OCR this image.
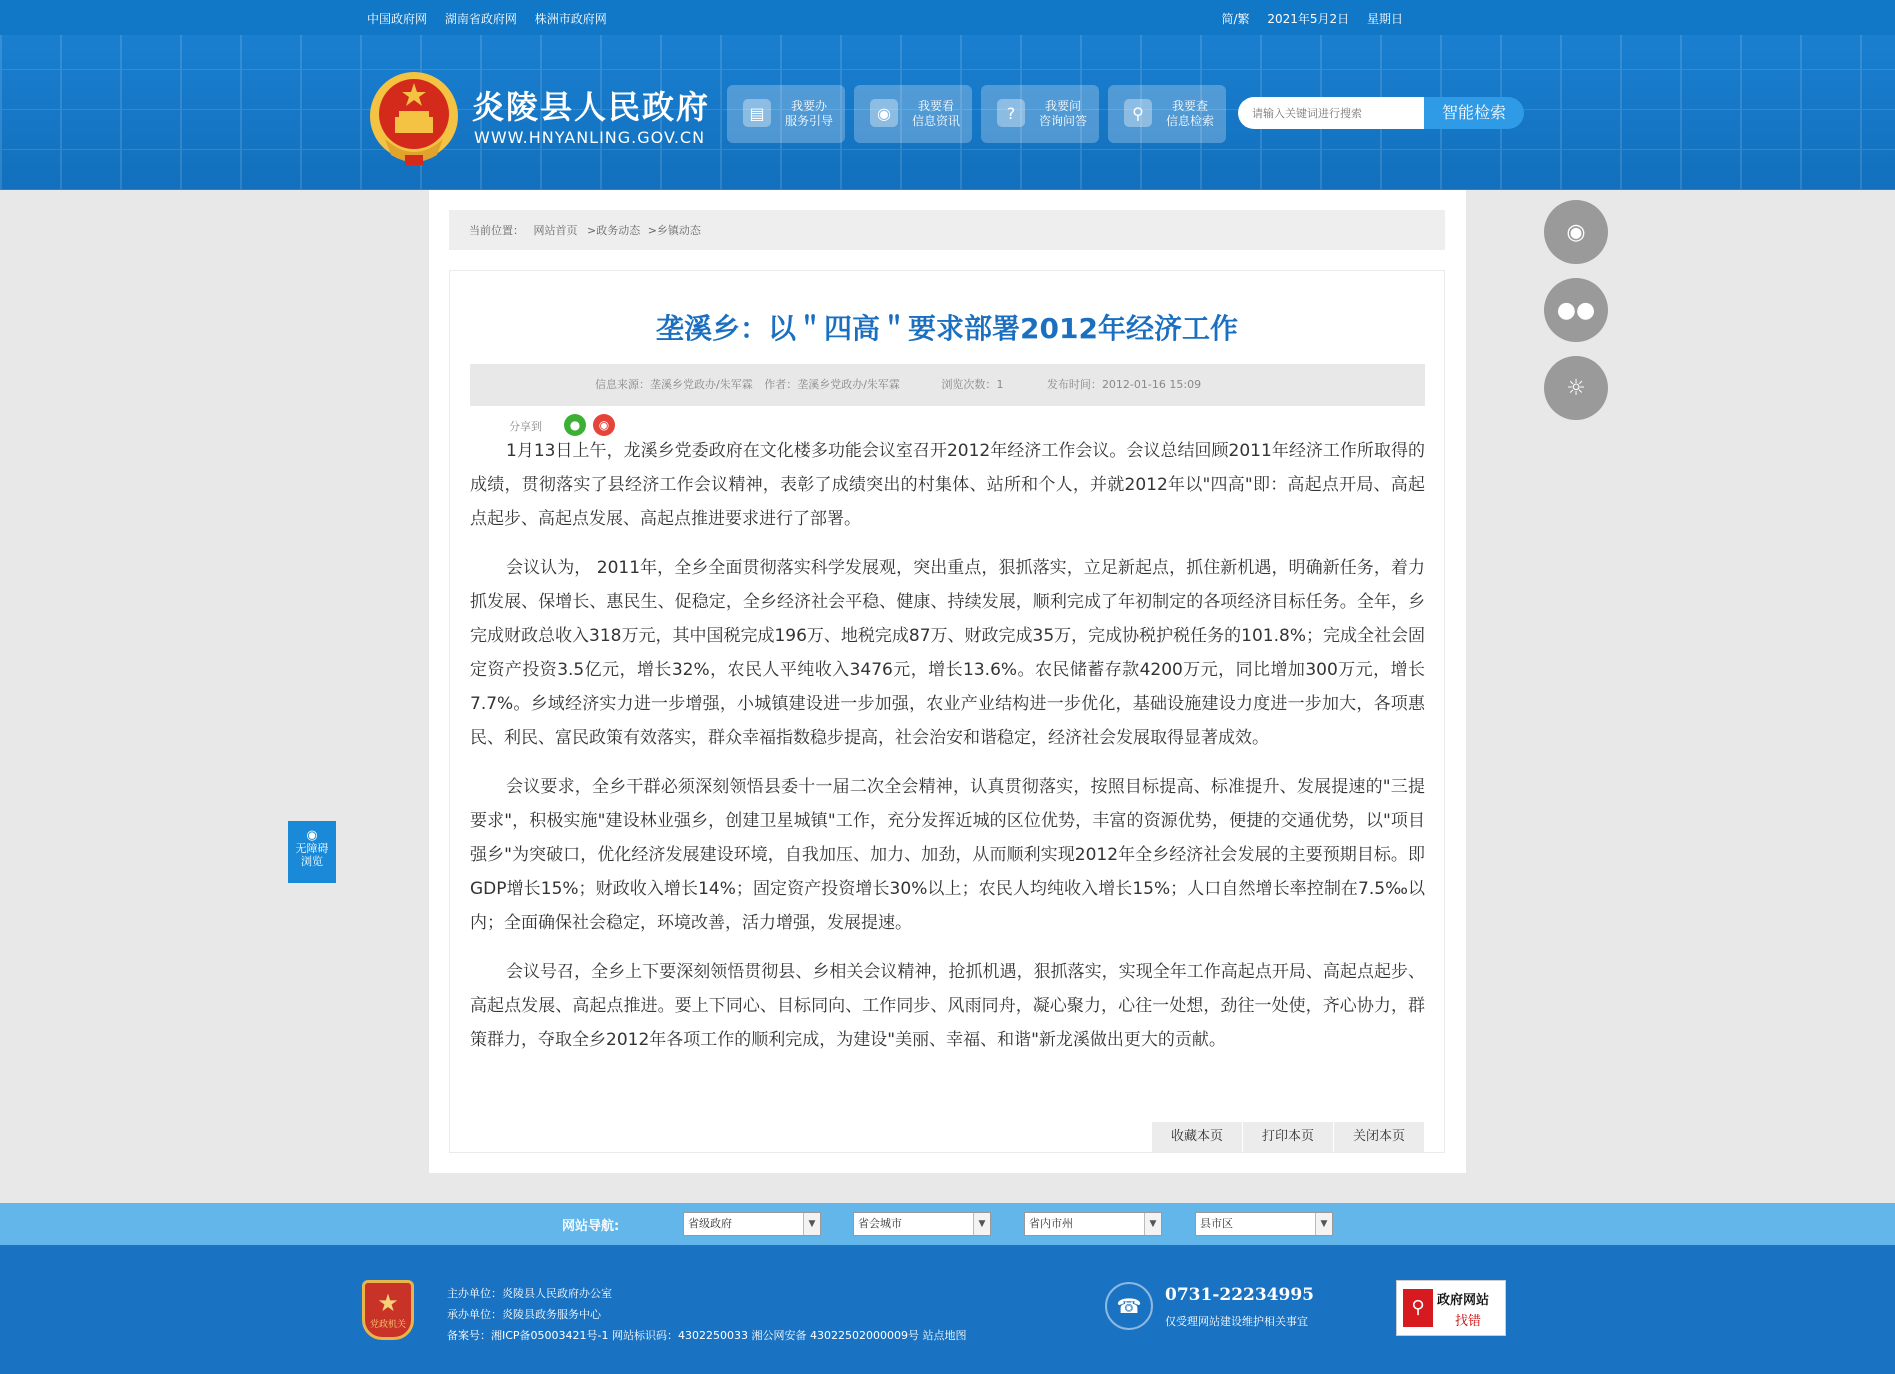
中国政府网 湖南省政府网 株洲市政府网	简/繁 2021年5月2日 星期日
炎陵县人民政府
WWW.HNYANLING.GOV.CN
▤	我要办
服务引导	◉	我要看
信息资讯	?	我要问
咨询问答	⚲	我要查
信息检索
请输入关键词进行搜索	智能检索
当前位置： 网站首页 >政务动态 >乡镇动态
垄溪乡：以＂四高＂要求部署2012年经济工作
信息来源：垄溪乡党政办/朱军霖 作者：垄溪乡党政办/朱军霖	浏览次数：1	发布时间：2012-01-16 15:09
分享到	●	◉

1月13日上午，龙溪乡党委政府在文化楼多功能会议室召开2012年经济工作会议。会议总结回顾2011年经济工作所取得的成绩，贯彻落实了县经济工作会议精神，表彰了成绩突出的村集体、站所和个人，并就2012年以"四高"即：高起点开局、高起点起步、高起点发展、高起点推进要求进行了部署。

会议认为， 2011年，全乡全面贯彻落实科学发展观，突出重点，狠抓落实，立足新起点，抓住新机遇，明确新任务，着力抓发展、保增长、惠民生、促稳定，全乡经济社会平稳、健康、持续发展，顺利完成了年初制定的各项经济目标任务。全年，乡完成财政总收入318万元，其中国税完成196万、地税完成87万、财政完成35万，完成协税护税任务的101.8%；完成全社会固定资产投资3.5亿元，增长32%，农民人平纯收入3476元，增长13.6%。农民储蓄存款4200万元，同比增加300万元，增长7.7%。乡域经济实力进一步增强，小城镇建设进一步加强，农业产业结构进一步优化，基础设施建设力度进一步加大，各项惠民、利民、富民政策有效落实，群众幸福指数稳步提高，社会治安和谐稳定，经济社会发展取得显著成效。

会议要求，全乡干群必须深刻领悟县委十一届二次全会精神，认真贯彻落实，按照目标提高、标准提升、发展提速的"三提要求"，积极实施"建设林业强乡，创建卫星城镇"工作，充分发挥近城的区位优势，丰富的资源优势，便捷的交通优势，以"项目强乡"为突破口，优化经济发展建设环境，自我加压、加力、加劲，从而顺利实现2012年全乡经济社会发展的主要预期目标。即GDP增长15%；财政收入增长14%；固定资产投资增长30%以上；农民人均纯收入增长15%；人口自然增长率控制在7.5‰以内；全面确保社会稳定，环境改善，活力增强，发展提速。

会议号召，全乡上下要深刻领悟贯彻县、乡相关会议精神，抢抓机遇，狠抓落实，实现全年工作高起点开局、高起点起步、高起点发展、高起点推进。要上下同心、目标同向、工作同步、风雨同舟，凝心聚力，心往一处想，劲往一处使，齐心协力，群策群力，夺取全乡2012年各项工作的顺利完成，为建设"美丽、幸福、和谐"新龙溪做出更大的贡献。

收藏本页	打印本页	关闭本页
◉
●●
☼
◉
无障碍
浏览
网站导航:	省级政府	▼	省会城市	▼	省内市州	▼	县市区	▼
★
党政机关
主办单位：炎陵县人民政府办公室
承办单位：炎陵县政务服务中心
备案号：湘ICP备05003421号-1 网站标识码：4302250033 湘公网安备 43022502000009号 站点地图
☎	0731-22234995
仅受理网站建设维护相关事宜
⚲ 政府网站
找错
